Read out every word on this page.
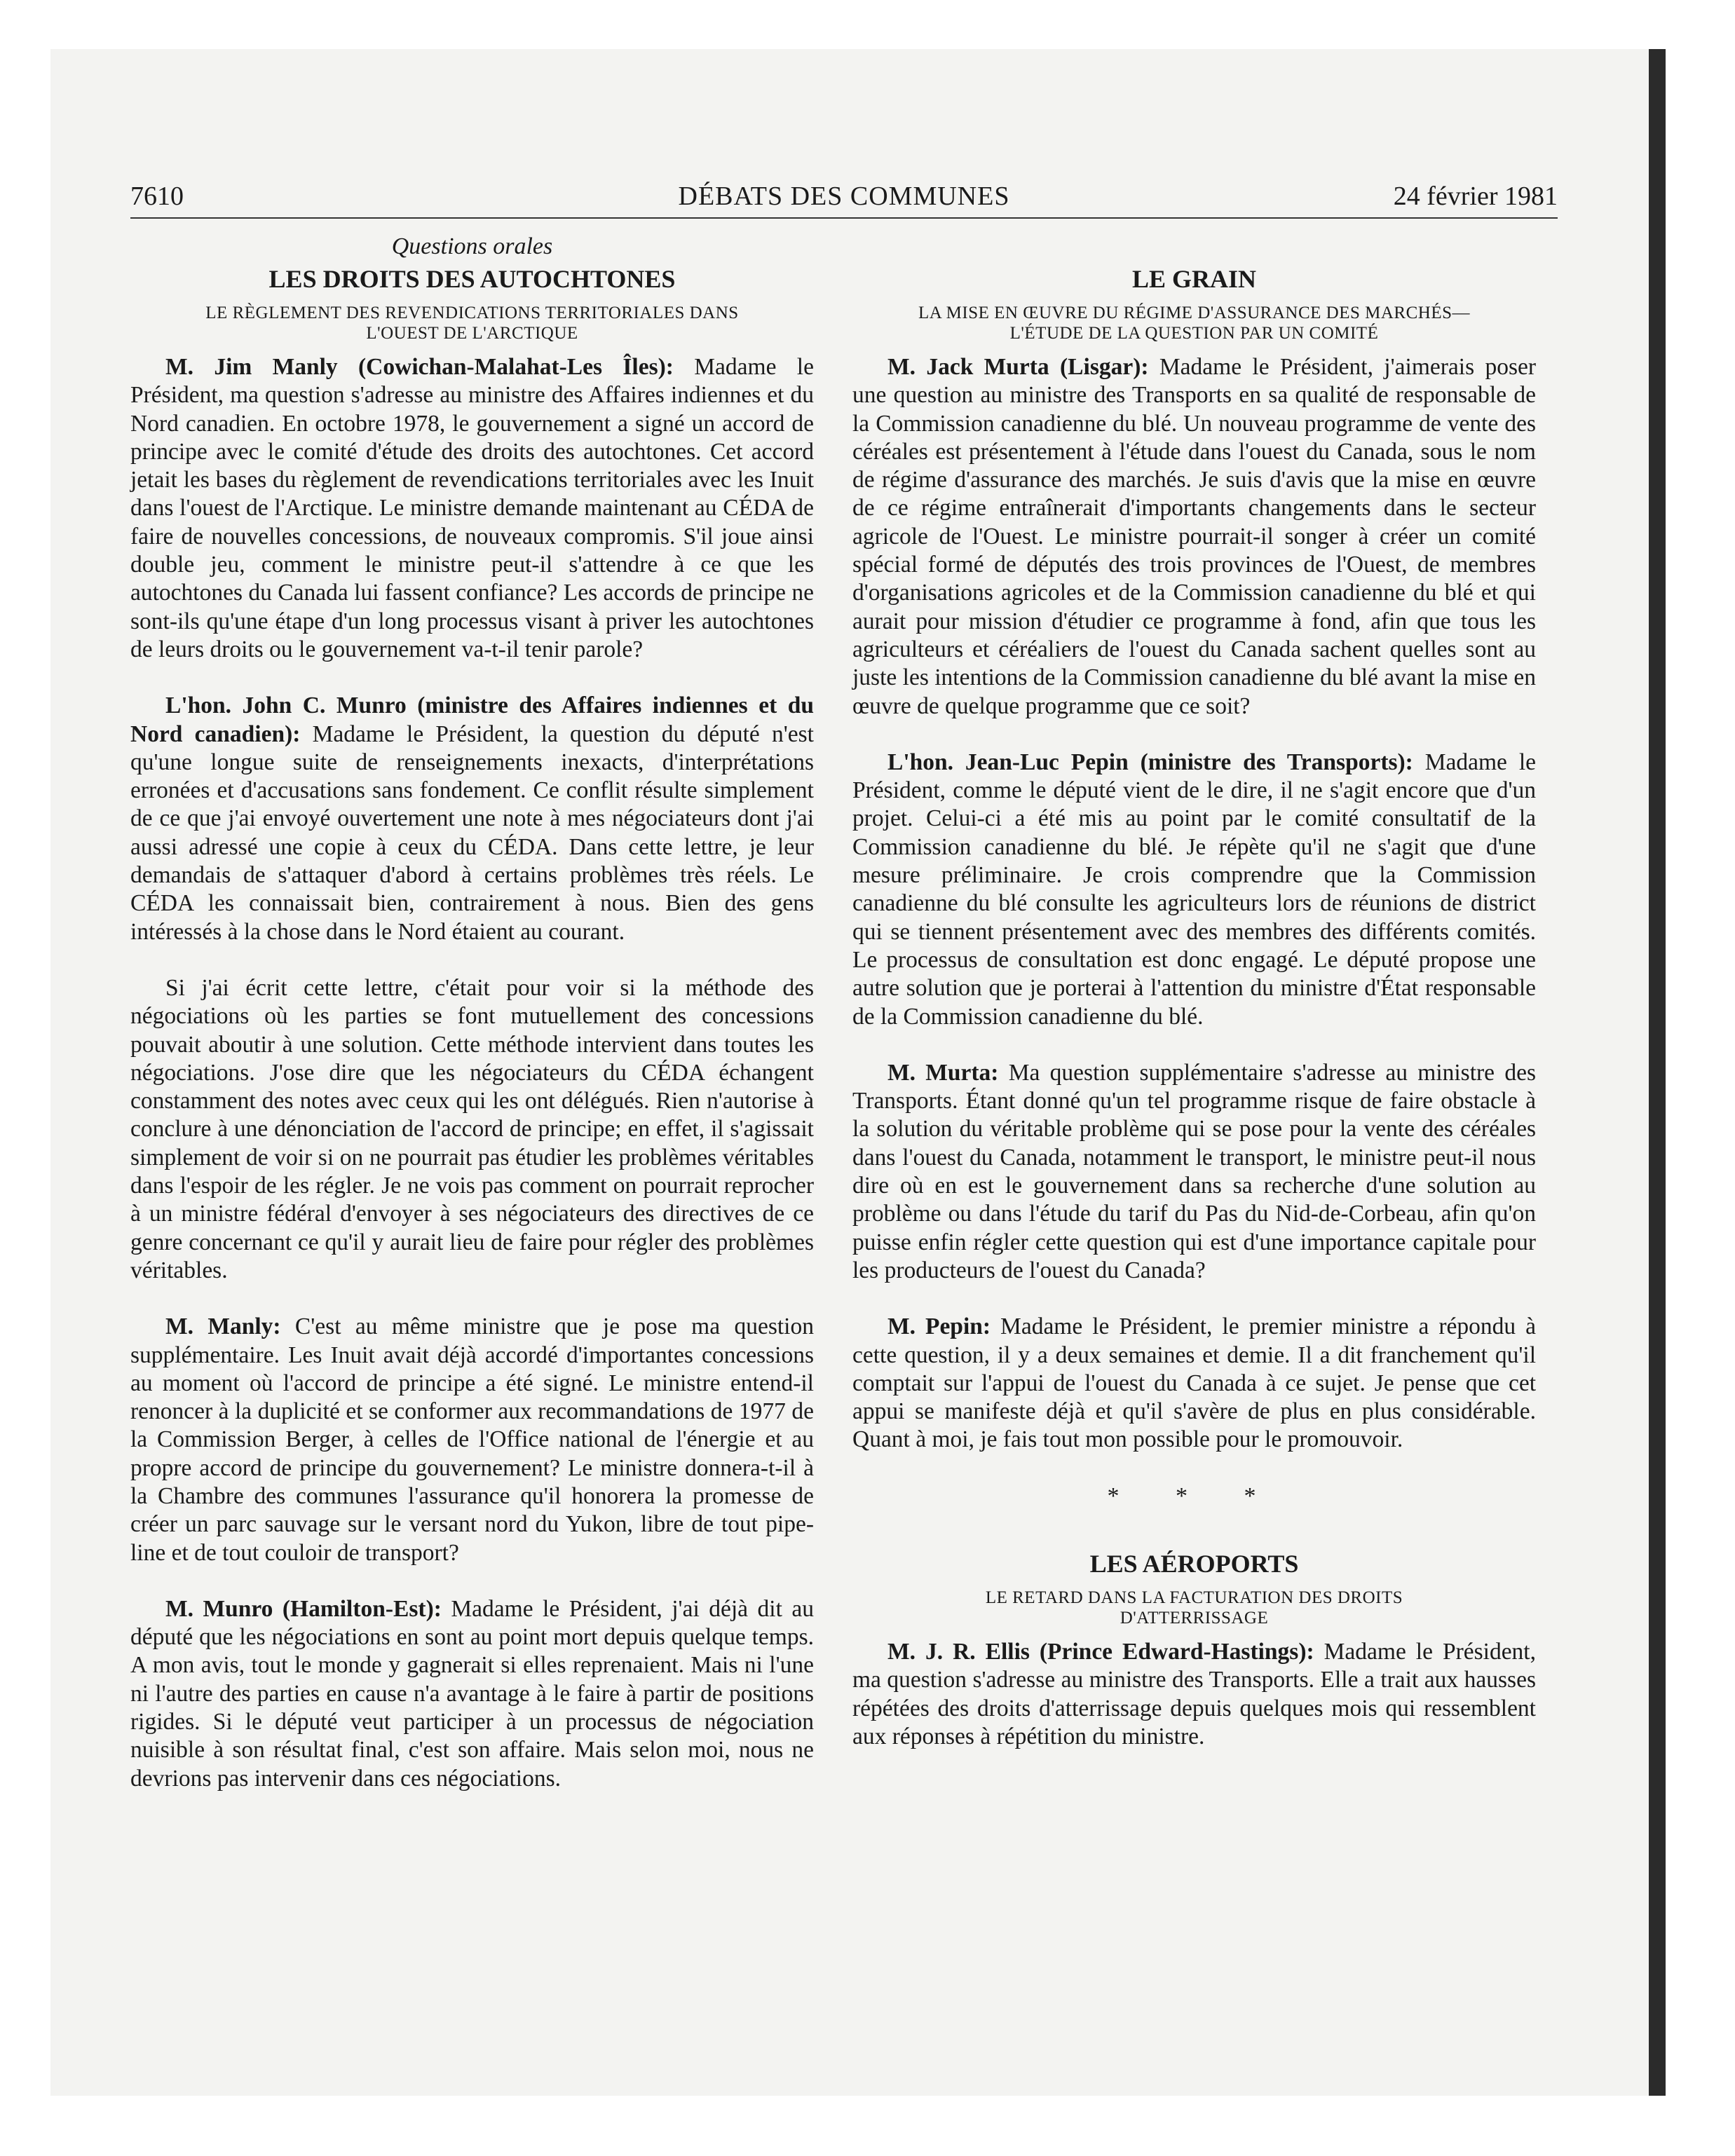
7610	DÉBATS DES COMMUNES	24 février 1981
Questions orales
LES DROITS DES AUTOCHTONES
LE RÈGLEMENT DES REVENDICATIONS TERRITORIALES DANS
L'OUEST DE L'ARCTIQUE

M. Jim Manly (Cowichan-Malahat-Les Îles): Madame le Président, ma question s'adresse au ministre des Affaires indiennes et du Nord canadien. En octobre 1978, le gouvernement a signé un accord de principe avec le comité d'étude des droits des autochtones. Cet accord jetait les bases du règlement de revendications territoriales avec les Inuit dans l'ouest de l'Arctique. Le ministre demande maintenant au CÉDA de faire de nouvelles concessions, de nouveaux compromis. S'il joue ainsi double jeu, comment le ministre peut-il s'attendre à ce que les autochtones du Canada lui fassent confiance? Les accords de principe ne sont-ils qu'une étape d'un long processus visant à priver les autochtones de leurs droits ou le gouvernement va-t-il tenir parole?

L'hon. John C. Munro (ministre des Affaires indiennes et du Nord canadien): Madame le Président, la question du député n'est qu'une longue suite de renseignements inexacts, d'interprétations erronées et d'accusations sans fondement. Ce conflit résulte simplement de ce que j'ai envoyé ouvertement une note à mes négociateurs dont j'ai aussi adressé une copie à ceux du CÉDA. Dans cette lettre, je leur demandais de s'attaquer d'abord à certains problèmes très réels. Le CÉDA les connaissait bien, contrairement à nous. Bien des gens intéressés à la chose dans le Nord étaient au courant.

Si j'ai écrit cette lettre, c'était pour voir si la méthode des négociations où les parties se font mutuellement des concessions pouvait aboutir à une solution. Cette méthode intervient dans toutes les négociations. J'ose dire que les négociateurs du CÉDA échangent constamment des notes avec ceux qui les ont délégués. Rien n'autorise à conclure à une dénonciation de l'accord de principe; en effet, il s'agissait simplement de voir si on ne pourrait pas étudier les problèmes véritables dans l'espoir de les régler. Je ne vois pas comment on pourrait reprocher à un ministre fédéral d'envoyer à ses négociateurs des directives de ce genre concernant ce qu'il y aurait lieu de faire pour régler des problèmes véritables.

M. Manly: C'est au même ministre que je pose ma question supplémentaire. Les Inuit avait déjà accordé d'importantes concessions au moment où l'accord de principe a été signé. Le ministre entend-il renoncer à la duplicité et se conformer aux recommandations de 1977 de la Commission Berger, à celles de l'Office national de l'énergie et au propre accord de principe du gouvernement? Le ministre donnera-t-il à la Chambre des communes l'assurance qu'il honorera la promesse de créer un parc sauvage sur le versant nord du Yukon, libre de tout pipe-line et de tout couloir de transport?

M. Munro (Hamilton-Est): Madame le Président, j'ai déjà dit au député que les négociations en sont au point mort depuis quelque temps. A mon avis, tout le monde y gagnerait si elles reprenaient. Mais ni l'une ni l'autre des parties en cause n'a avantage à le faire à partir de positions rigides. Si le député veut participer à un processus de négociation nuisible à son résultat final, c'est son affaire. Mais selon moi, nous ne devrions pas intervenir dans ces négociations.

LE GRAIN
LA MISE EN ŒUVRE DU RÉGIME D'ASSURANCE DES MARCHÉS—
L'ÉTUDE DE LA QUESTION PAR UN COMITÉ

M. Jack Murta (Lisgar): Madame le Président, j'aimerais poser une question au ministre des Transports en sa qualité de responsable de la Commission canadienne du blé. Un nouveau programme de vente des céréales est présentement à l'étude dans l'ouest du Canada, sous le nom de régime d'assurance des marchés. Je suis d'avis que la mise en œuvre de ce régime entraînerait d'importants changements dans le secteur agricole de l'Ouest. Le ministre pourrait-il songer à créer un comité spécial formé de députés des trois provinces de l'Ouest, de membres d'organisations agricoles et de la Commission canadienne du blé et qui aurait pour mission d'étudier ce programme à fond, afin que tous les agriculteurs et céréaliers de l'ouest du Canada sachent quelles sont au juste les intentions de la Commission canadienne du blé avant la mise en œuvre de quelque programme que ce soit?

L'hon. Jean-Luc Pepin (ministre des Transports): Madame le Président, comme le député vient de le dire, il ne s'agit encore que d'un projet. Celui-ci a été mis au point par le comité consultatif de la Commission canadienne du blé. Je répète qu'il ne s'agit que d'une mesure préliminaire. Je crois comprendre que la Commission canadienne du blé consulte les agriculteurs lors de réunions de district qui se tiennent présentement avec des membres des différents comités. Le processus de consultation est donc engagé. Le député propose une autre solution que je porterai à l'attention du ministre d'État responsable de la Commission canadienne du blé.

M. Murta: Ma question supplémentaire s'adresse au ministre des Transports. Étant donné qu'un tel programme risque de faire obstacle à la solution du véritable problème qui se pose pour la vente des céréales dans l'ouest du Canada, notamment le transport, le ministre peut-il nous dire où en est le gouvernement dans sa recherche d'une solution au problème ou dans l'étude du tarif du Pas du Nid-de-Corbeau, afin qu'on puisse enfin régler cette question qui est d'une importance capitale pour les producteurs de l'ouest du Canada?

M. Pepin: Madame le Président, le premier ministre a répondu à cette question, il y a deux semaines et demie. Il a dit franchement qu'il comptait sur l'appui de l'ouest du Canada à ce sujet. Je pense que cet appui se manifeste déjà et qu'il s'avère de plus en plus considérable. Quant à moi, je fais tout mon possible pour le promouvoir.

* * *
LES AÉROPORTS
LE RETARD DANS LA FACTURATION DES DROITS
D'ATTERRISSAGE

M. J. R. Ellis (Prince Edward-Hastings): Madame le Président, ma question s'adresse au ministre des Transports. Elle a trait aux hausses répétées des droits d'atterrissage depuis quelques mois qui ressemblent aux réponses à répétition du ministre.
